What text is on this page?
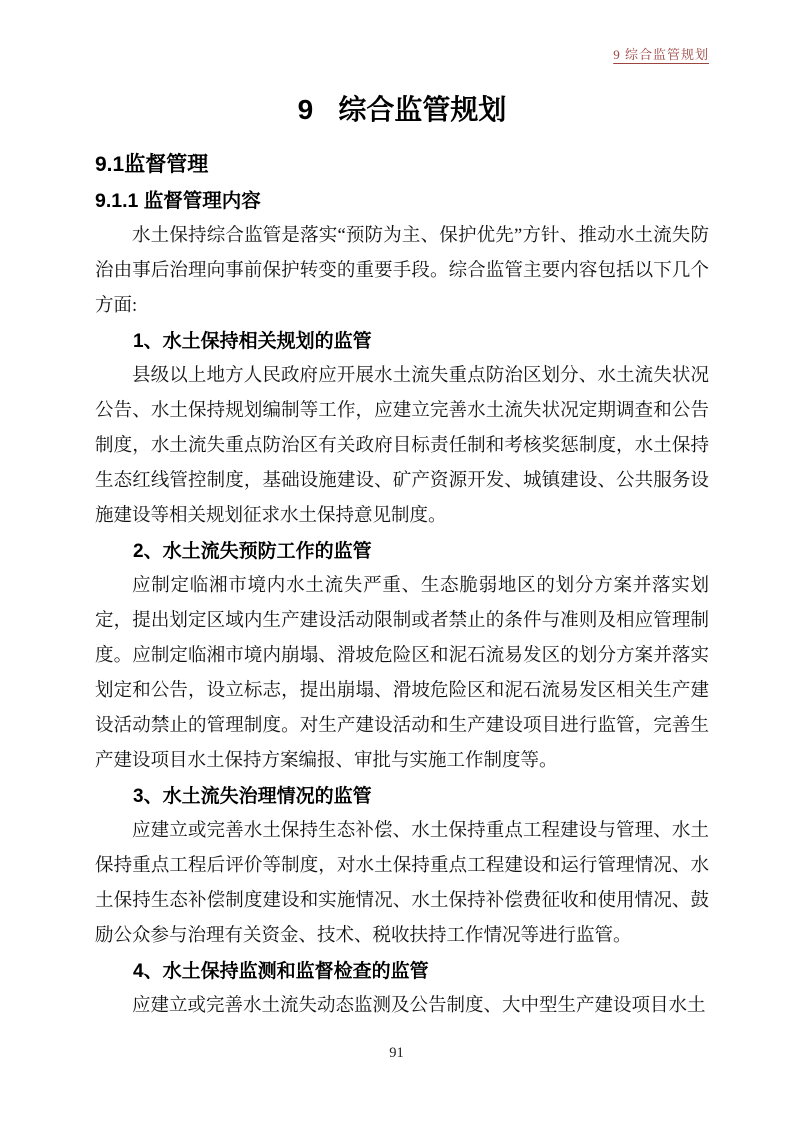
9 综合监管规划
9 综合监管规划
9.1监督管理
9.1.1 监督管理内容

水土保持综合监管是落实“预防为主、保护优先”方针、推动水土流失防治由事后治理向事前保护转变的重要手段。综合监管主要内容包括以下几个方面:

1、水土保持相关规划的监管

县级以上地方人民政府应开展水土流失重点防治区划分、水土流失状况公告、水土保持规划编制等工作，应建立完善水土流失状况定期调查和公告制度，水土流失重点防治区有关政府目标责任制和考核奖惩制度，水土保持生态红线管控制度，基础设施建设、矿产资源开发、城镇建设、公共服务设施建设等相关规划征求水土保持意见制度。

2、水土流失预防工作的监管

应制定临湘市境内水土流失严重、生态脆弱地区的划分方案并落实划定，提出划定区域内生产建设活动限制或者禁止的条件与准则及相应管理制度。应制定临湘市境内崩塌、滑坡危险区和泥石流易发区的划分方案并落实划定和公告，设立标志，提出崩塌、滑坡危险区和泥石流易发区相关生产建设活动禁止的管理制度。对生产建设活动和生产建设项目进行监管，完善生产建设项目水土保持方案编报、审批与实施工作制度等。

3、水土流失治理情况的监管

应建立或完善水土保持生态补偿、水土保持重点工程建设与管理、水土保持重点工程后评价等制度，对水土保持重点工程建设和运行管理情况、水土保持生态补偿制度建设和实施情况、水土保持补偿费征收和使用情况、鼓励公众参与治理有关资金、技术、税收扶持工作情况等进行监管。

4、水土保持监测和监督检查的监管

应建立或完善水土流失动态监测及公告制度、大中型生产建设项目水土

91
